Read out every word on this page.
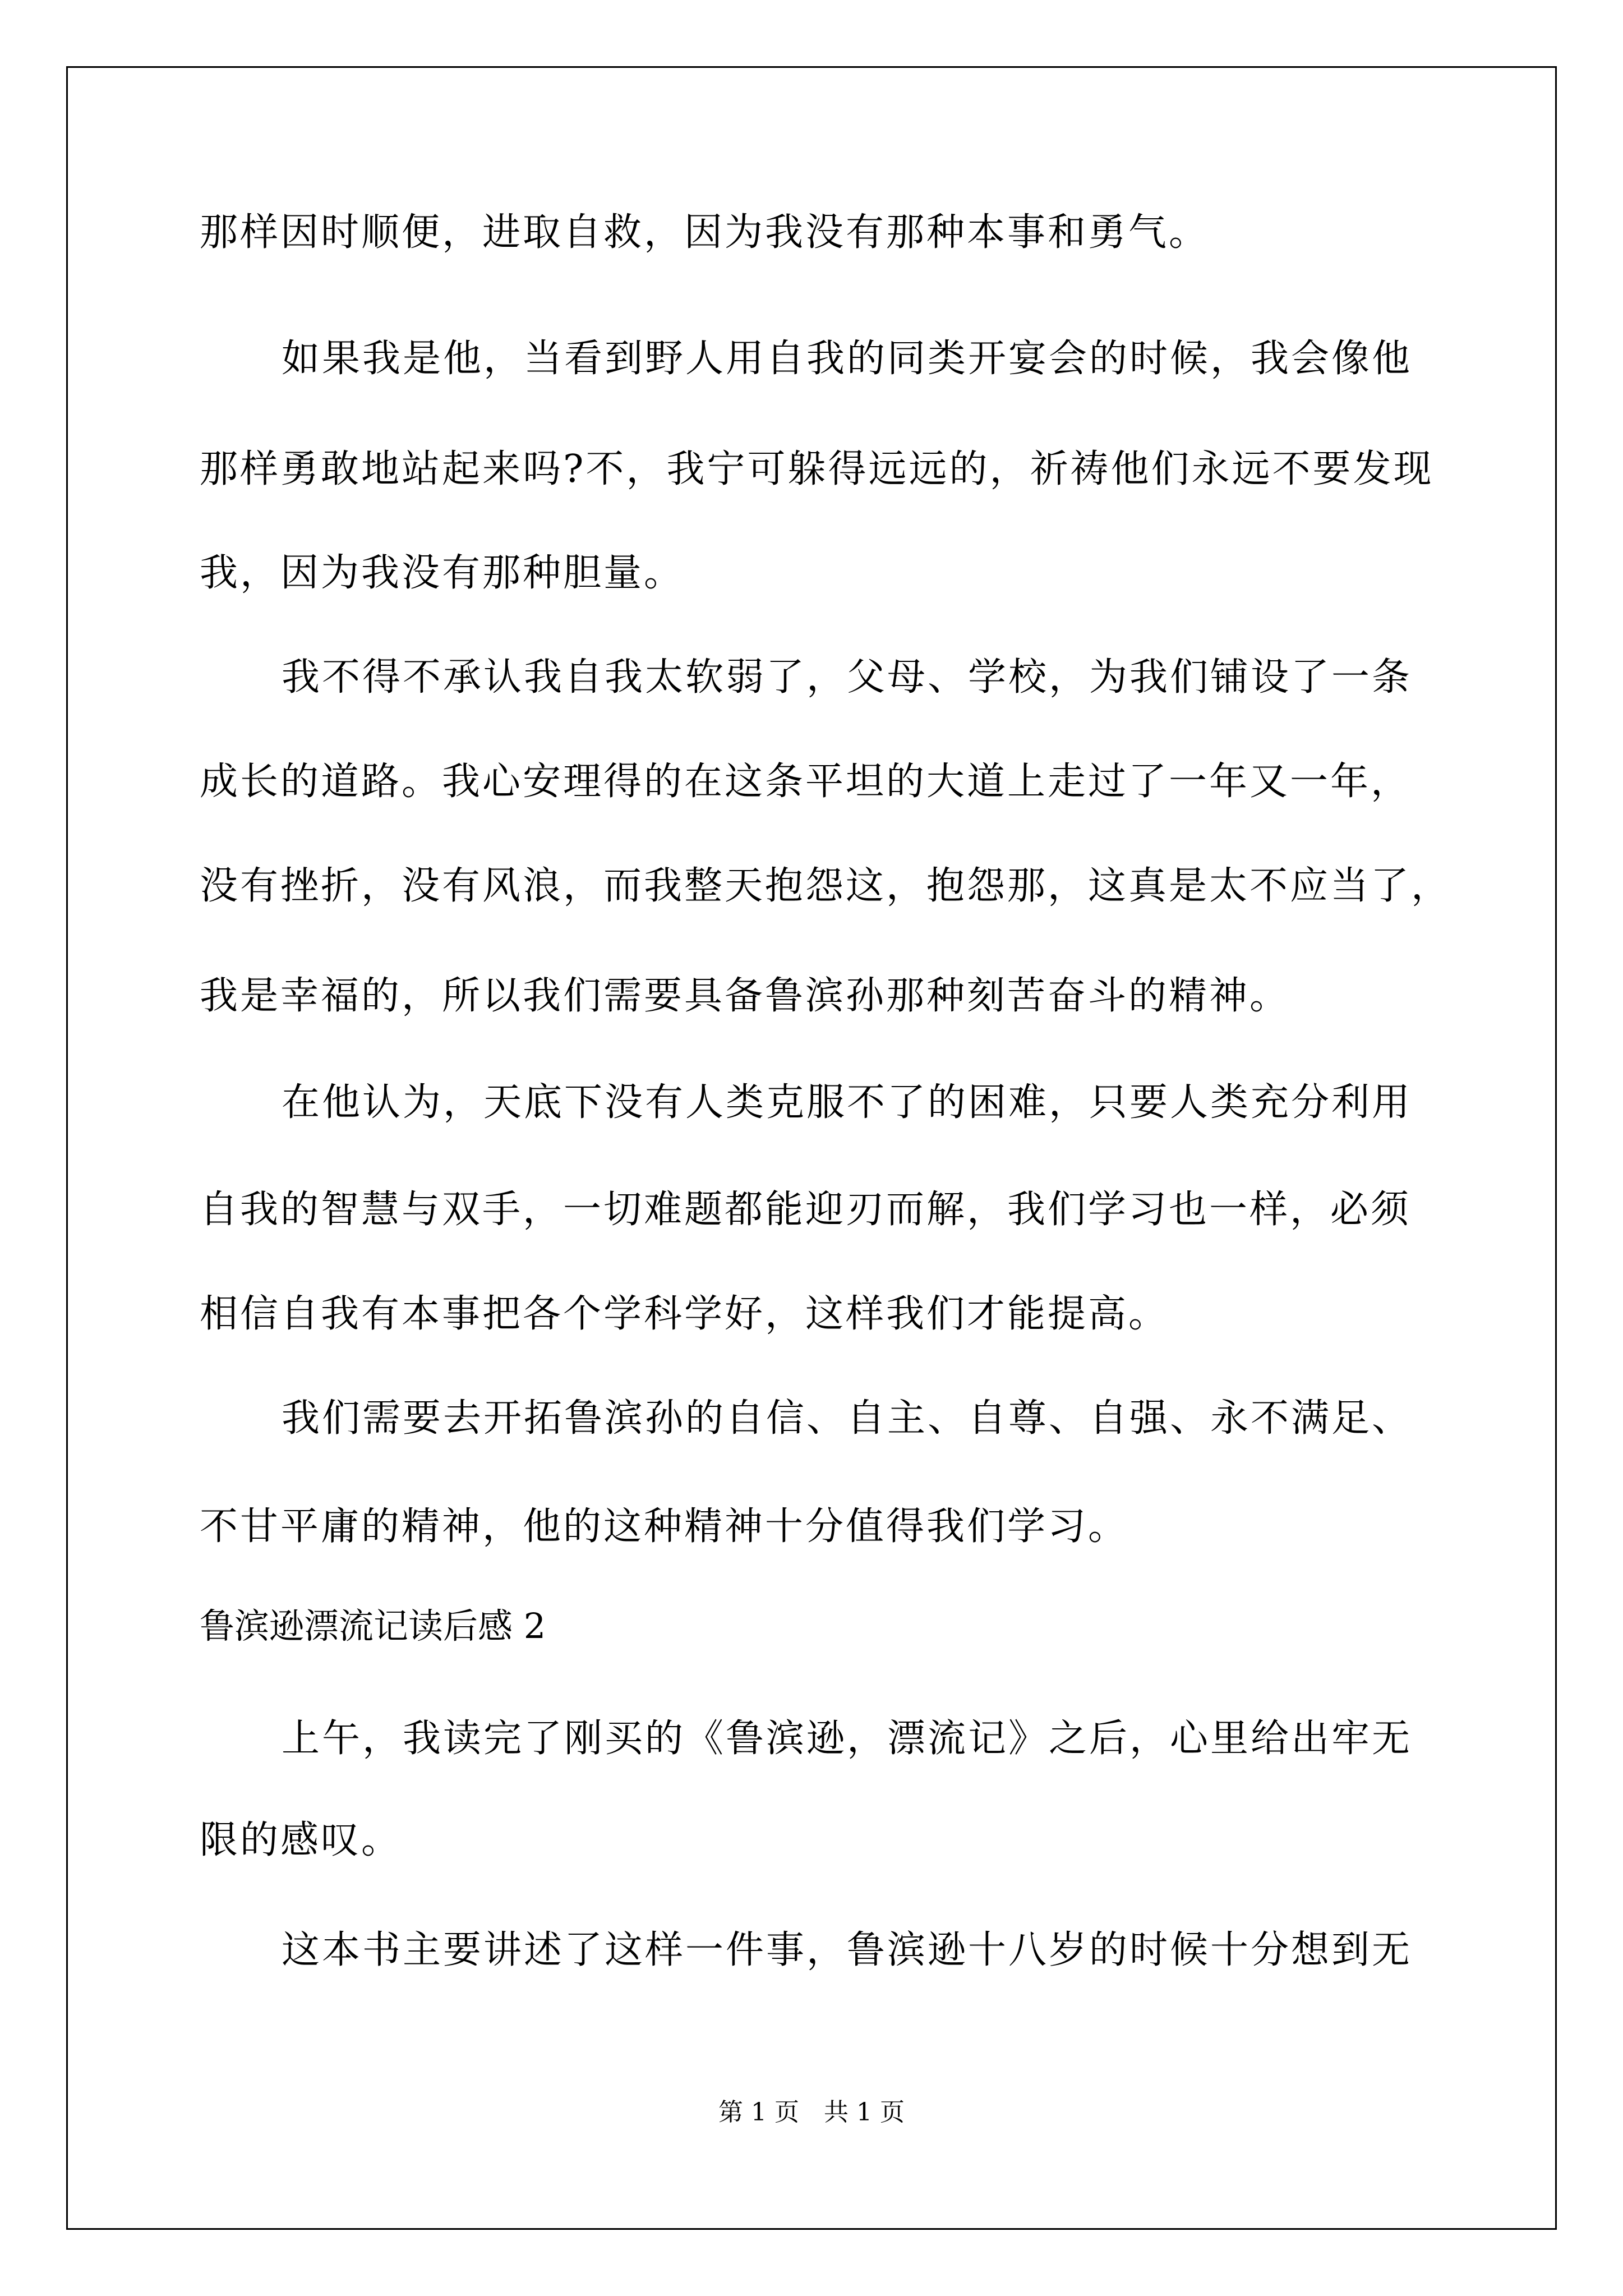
那样因时顺便，进取自救，因为我没有那种本事和勇气。
如果我是他，当看到野人用自我的同类开宴会的时候，我会像他
那样勇敢地站起来吗?不，我宁可躲得远远的，祈祷他们永远不要发现
我，因为我没有那种胆量。
我不得不承认我自我太软弱了，父母、学校，为我们铺设了一条
成长的道路。我心安理得的在这条平坦的大道上走过了一年又一年，
没有挫折，没有风浪，而我整天抱怨这，抱怨那，这真是太不应当了，
我是幸福的，所以我们需要具备鲁滨孙那种刻苦奋斗的精神。
在他认为，天底下没有人类克服不了的困难，只要人类充分利用
自我的智慧与双手，一切难题都能迎刃而解，我们学习也一样，必须
相信自我有本事把各个学科学好，这样我们才能提高。
我们需要去开拓鲁滨孙的自信、自主、自尊、自强、永不满足、
不甘平庸的精神，他的这种精神十分值得我们学习。
鲁滨逊漂流记读后感 2
上午，我读完了刚买的《鲁滨逊，漂流记》之后，心里给出牢无
限的感叹。
这本书主要讲述了这样一件事，鲁滨逊十八岁的时候十分想到无
第 1 页　共 1 页
